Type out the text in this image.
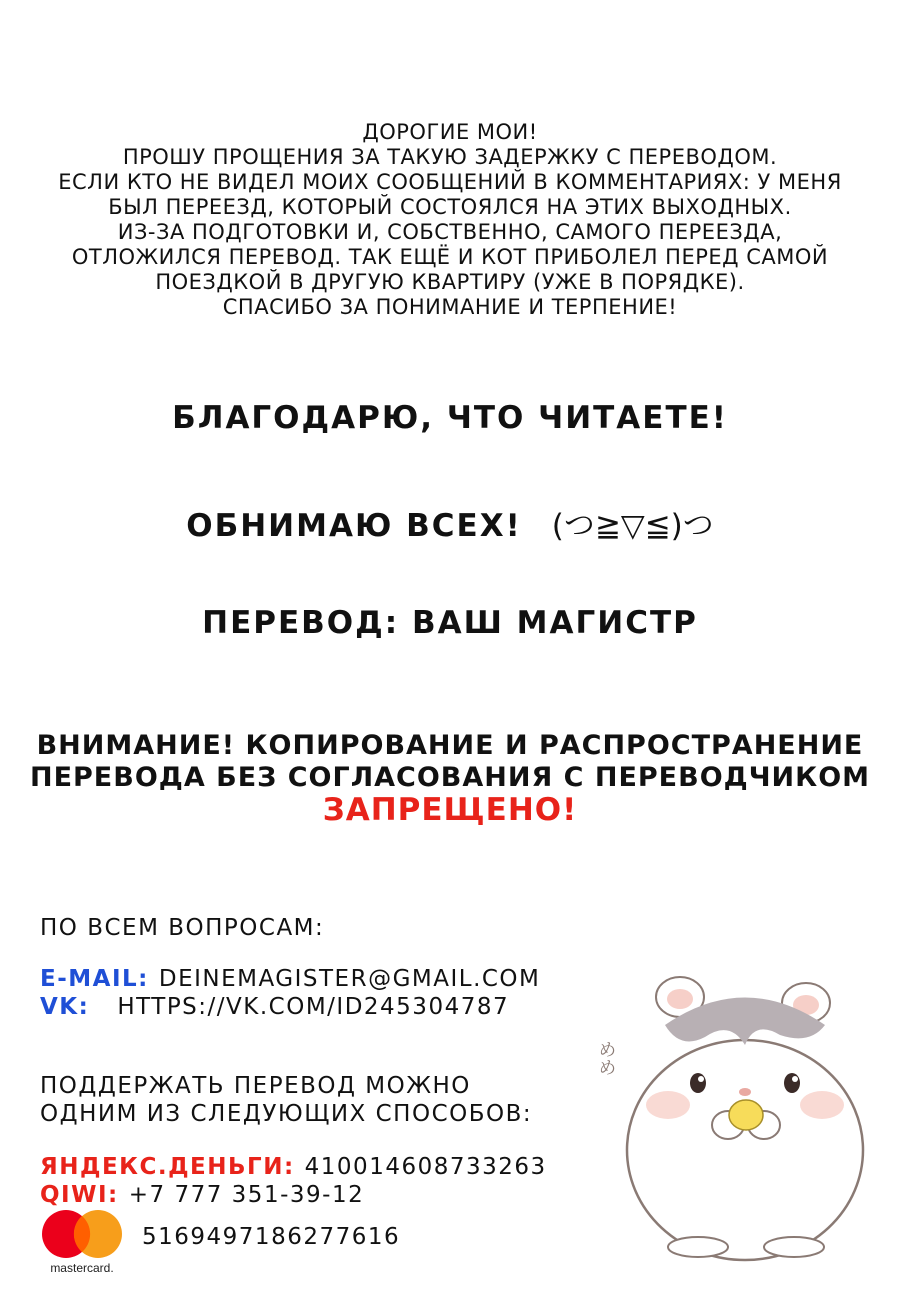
ДОРОГИЕ МОИ!
ПРОШУ ПРОЩЕНИЯ ЗА ТАКУЮ ЗАДЕРЖКУ С ПЕРЕВОДОМ.
ЕСЛИ КТО НЕ ВИДЕЛ МОИХ СООБЩЕНИЙ В КОММЕНТАРИЯХ: У МЕНЯ
БЫЛ ПЕРЕЕЗД, КОТОРЫЙ СОСТОЯЛСЯ НА ЭТИХ ВЫХОДНЫХ.
ИЗ-ЗА ПОДГОТОВКИ И, СОБСТВЕННО, САМОГО ПЕРЕЕЗДА,
ОТЛОЖИЛСЯ ПЕРЕВОД. ТАК ЕЩЁ И КОТ ПРИБОЛЕЛ ПЕРЕД САМОЙ
ПОЕЗДКОЙ В ДРУГУЮ КВАРТИРУ (УЖЕ В ПОРЯДКЕ).
СПАСИБО ЗА ПОНИМАНИЕ И ТЕРПЕНИЕ!
БЛАГОДАРЮ, ЧТО ЧИТАЕТЕ!
ОБНИМАЮ ВСЕХ! (つ≧▽≦)つ
ПЕРЕВОД: ВАШ МАГИСТР
ВНИМАНИЕ! КОПИРОВАНИЕ И РАСПРОСТРАНЕНИЕ
ПЕРЕВОДА БЕЗ СОГЛАСОВАНИЯ С ПЕРЕВОДЧИКОМ
ЗАПРЕЩЕНО!
ПО ВСЕМ ВОПРОСАМ:
E-MAIL: DEINEMAGISTER@GMAIL.COM
VK: HTTPS://VK.COM/ID245304787
ПОДДЕРЖАТЬ ПЕРЕВОД МОЖНО
ОДНИМ ИЗ СЛЕДУЮЩИХ СПОСОБОВ:
ЯНДЕКС.ДЕНЬГИ: 410014608733263
QIWI: +7 777 351-39-12
mastercard.
5169497186277616
めめ
